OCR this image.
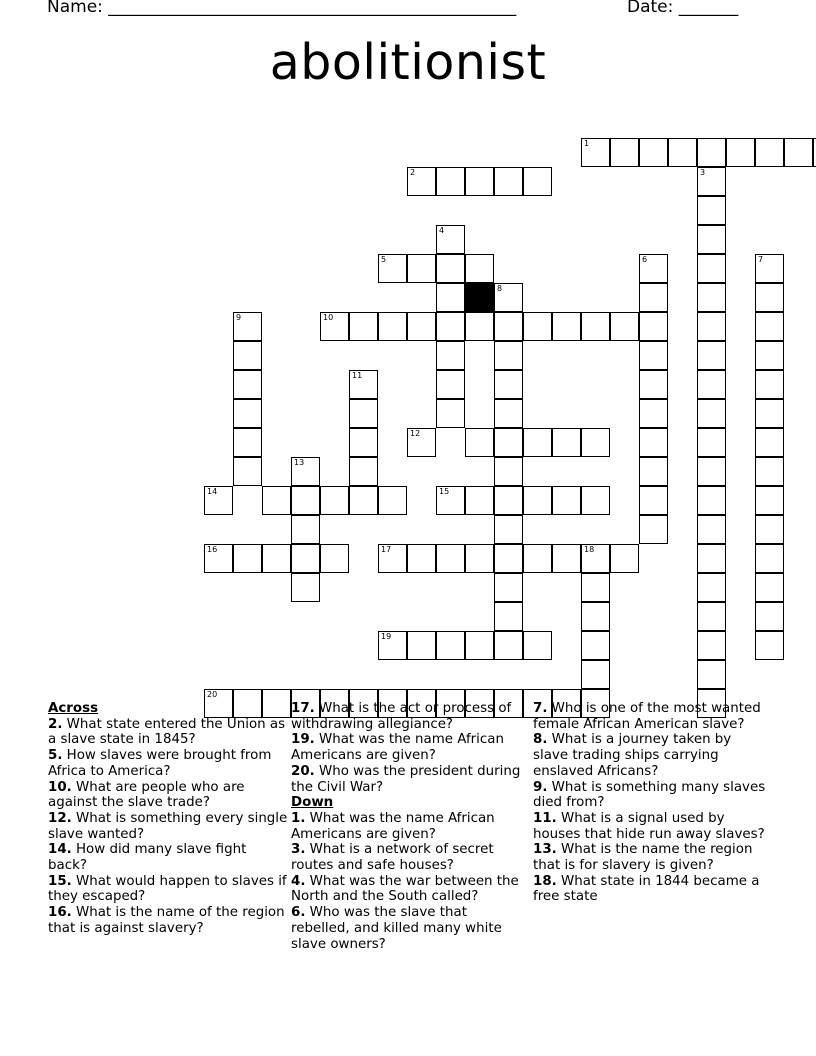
Name: ________________________________________________	Date: _______
abolitionist
1
2	3
4
5	6	7
8
9	10
11
12
13
14	15
16	17	18
19
20
Across
2. What state entered the Union as a slave state in 1845?
5. How slaves were brought from Africa to America?
10. What are people who are against the slave trade?
12. What is something every single slave wanted?
14. How did many slave fight back?
15. What would happen to slaves if they escaped?
16. What is the name of the region that is against slavery?
17. What is the act or process of withdrawing allegiance?
19. What was the name African Americans are given?
20. Who was the president during the Civil War?
Down
1. What was the name African Americans are given?
3. What is a network of secret routes and safe houses?
4. What was the war between the North and the South called?
6. Who was the slave that rebelled, and killed many white slave owners?
7. Who is one of the most wanted female African American slave?
8. What is a journey taken by slave trading ships carrying enslaved Africans?
9. What is something many slaves died from?
11. What is a signal used by houses that hide run away slaves?
13. What is the name the region that is for slavery is given?
18. What state in 1844 became a free state
